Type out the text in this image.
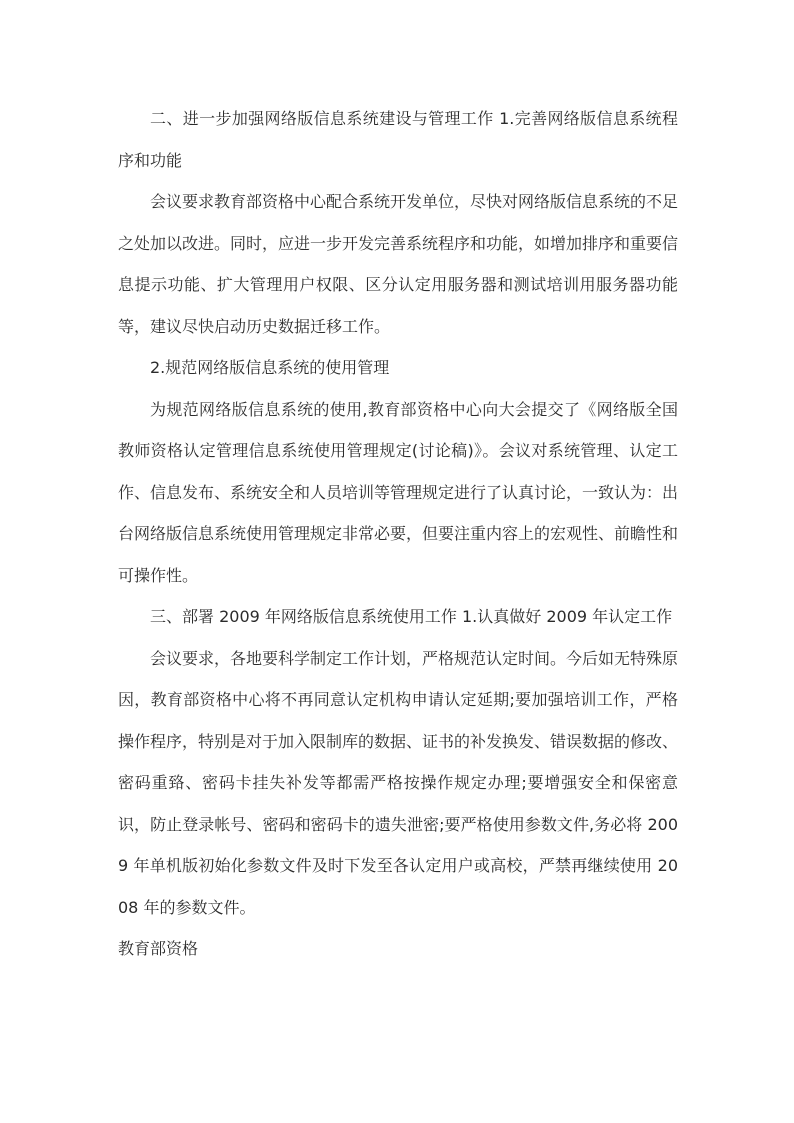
二、进一步加强网络版信息系统建设与管理工作 1.完善网络版信息系统程序和功能

会议要求教育部资格中心配合系统开发单位，尽快对网络版信息系统的不足之处加以改进。同时，应进一步开发完善系统程序和功能，如增加排序和重要信息提示功能、扩大管理用户权限、区分认定用服务器和测试培训用服务器功能等，建议尽快启动历史数据迁移工作。

2.规范网络版信息系统的使用管理

为规范网络版信息系统的使用,教育部资格中心向大会提交了《网络版全国教师资格认定管理信息系统使用管理规定(讨论稿)》。会议对系统管理、认定工作、信息发布、系统安全和人员培训等管理规定进行了认真讨论，一致认为：出台网络版信息系统使用管理规定非常必要，但要注重内容上的宏观性、前瞻性和可操作性。

三、部署 2009 年网络版信息系统使用工作 1.认真做好 2009 年认定工作

会议要求，各地要科学制定工作计划，严格规范认定时间。今后如无特殊原因，教育部资格中心将不再同意认定机构申请认定延期;要加强培训工作，严格操作程序，特别是对于加入限制库的数据、证书的补发换发、错误数据的修改、密码重臵、密码卡挂失补发等都需严格按操作规定办理;要增强安全和保密意识，防止登录帐号、密码和密码卡的遗失泄密;要严格使用参数文件,务必将 2009 年单机版初始化参数文件及时下发至各认定用户或高校，严禁再继续使用 2008 年的参数文件。

教育部资格
